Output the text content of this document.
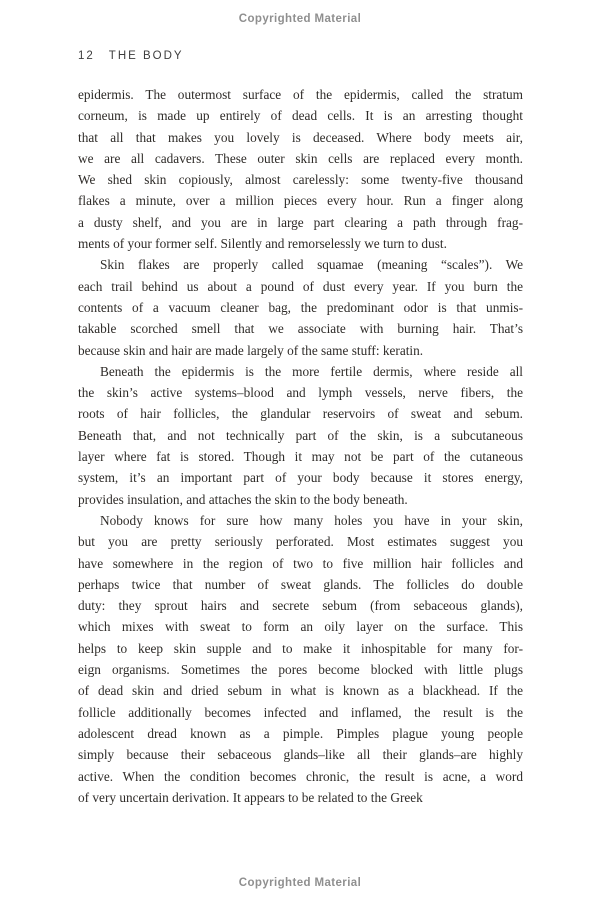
Copyrighted Material
12 THE BODY
epidermis. The outermost surface of the epidermis, called the stratum
corneum, is made up entirely of dead cells. It is an arresting thought
that all that makes you lovely is deceased. Where body meets air,
we are all cadavers. These outer skin cells are replaced every month.
We shed skin copiously, almost carelessly: some twenty-five thousand
flakes a minute, over a million pieces every hour. Run a finger along
a dusty shelf, and you are in large part clearing a path through frag-
ments of your former self. Silently and remorselessly we turn to dust.
Skin flakes are properly called squamae (meaning “scales”). We
each trail behind us about a pound of dust every year. If you burn the
contents of a vacuum cleaner bag, the predominant odor is that unmis-
takable scorched smell that we associate with burning hair. That’s
because skin and hair are made largely of the same stuff: keratin.
Beneath the epidermis is the more fertile dermis, where reside all
the skin’s active systems–blood and lymph vessels, nerve fibers, the
roots of hair follicles, the glandular reservoirs of sweat and sebum.
Beneath that, and not technically part of the skin, is a subcutaneous
layer where fat is stored. Though it may not be part of the cutaneous
system, it’s an important part of your body because it stores energy,
provides insulation, and attaches the skin to the body beneath.
Nobody knows for sure how many holes you have in your skin,
but you are pretty seriously perforated. Most estimates suggest you
have somewhere in the region of two to five million hair follicles and
perhaps twice that number of sweat glands. The follicles do double
duty: they sprout hairs and secrete sebum (from sebaceous glands),
which mixes with sweat to form an oily layer on the surface. This
helps to keep skin supple and to make it inhospitable for many for-
eign organisms. Sometimes the pores become blocked with little plugs
of dead skin and dried sebum in what is known as a blackhead. If the
follicle additionally becomes infected and inflamed, the result is the
adolescent dread known as a pimple. Pimples plague young people
simply because their sebaceous glands–like all their glands–are highly
active. When the condition becomes chronic, the result is acne, a word
of very uncertain derivation. It appears to be related to the Greek
Copyrighted Material
